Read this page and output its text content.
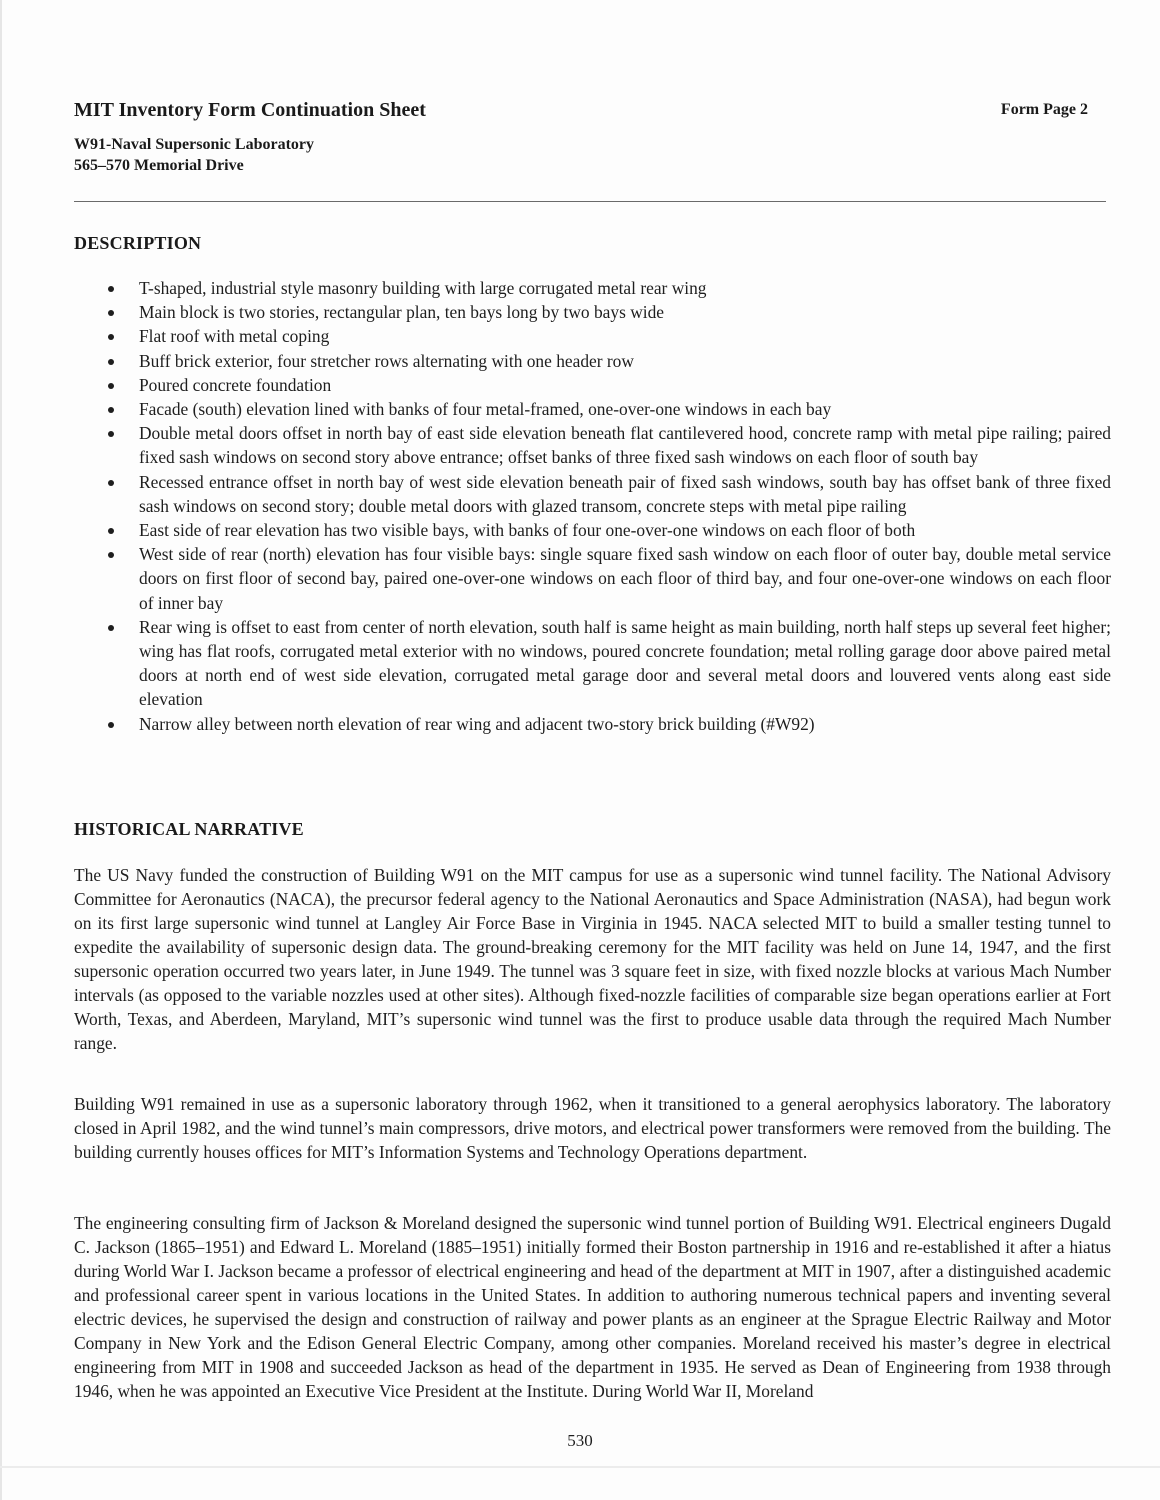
MIT Inventory Form Continuation Sheet	Form Page 2
W91-Naval Supersonic Laboratory
565–570 Memorial Drive
DESCRIPTION
T-shaped, industrial style masonry building with large corrugated metal rear wing
Main block is two stories, rectangular plan, ten bays long by two bays wide
Flat roof with metal coping
Buff brick exterior, four stretcher rows alternating with one header row
Poured concrete foundation
Facade (south) elevation lined with banks of four metal-framed, one-over-one windows in each bay
Double metal doors offset in north bay of east side elevation beneath flat cantilevered hood, concrete ramp with metal pipe railing; paired fixed sash windows on second story above entrance; offset banks of three fixed sash windows on each floor of south bay
Recessed entrance offset in north bay of west side elevation beneath pair of fixed sash windows, south bay has offset bank of three fixed sash windows on second story; double metal doors with glazed transom, concrete steps with metal pipe railing
East side of rear elevation has two visible bays, with banks of four one-over-one windows on each floor of both
West side of rear (north) elevation has four visible bays: single square fixed sash window on each floor of outer bay, double metal service doors on first floor of second bay, paired one-over-one windows on each floor of third bay, and four one-over-one windows on each floor of inner bay
Rear wing is offset to east from center of north elevation, south half is same height as main building, north half steps up several feet higher; wing has flat roofs, corrugated metal exterior with no windows, poured concrete foundation; metal rolling garage door above paired metal doors at north end of west side elevation, corrugated metal garage door and several metal doors and louvered vents along east side elevation
Narrow alley between north elevation of rear wing and adjacent two-story brick building (#W92)
HISTORICAL NARRATIVE

The US Navy funded the construction of Building W91 on the MIT campus for use as a supersonic wind tunnel facility. The National Advisory Committee for Aeronautics (NACA), the precursor federal agency to the National Aeronautics and Space Administration (NASA), had begun work on its first large supersonic wind tunnel at Langley Air Force Base in Virginia in 1945. NACA selected MIT to build a smaller testing tunnel to expedite the availability of supersonic design data. The ground-breaking ceremony for the MIT facility was held on June 14, 1947, and the first supersonic operation occurred two years later, in June 1949. The tunnel was 3 square feet in size, with fixed nozzle blocks at various Mach Number intervals (as opposed to the variable nozzles used at other sites). Although fixed-nozzle facilities of comparable size began operations earlier at Fort Worth, Texas, and Aberdeen, Maryland, MIT’s supersonic wind tunnel was the first to produce usable data through the required Mach Number range.

Building W91 remained in use as a supersonic laboratory through 1962, when it transitioned to a general aerophysics laboratory. The laboratory closed in April 1982, and the wind tunnel’s main compressors, drive motors, and electrical power transformers were removed from the building. The building currently houses offices for MIT’s Information Systems and Technology Operations department.

The engineering consulting firm of Jackson & Moreland designed the supersonic wind tunnel portion of Building W91. Electrical engineers Dugald C. Jackson (1865–1951) and Edward L. Moreland (1885–1951) initially formed their Boston partnership in 1916 and re-established it after a hiatus during World War I. Jackson became a professor of electrical engineering and head of the department at MIT in 1907, after a distinguished academic and professional career spent in various locations in the United States. In addition to authoring numerous technical papers and inventing several electric devices, he supervised the design and construction of railway and power plants as an engineer at the Sprague Electric Railway and Motor Company in New York and the Edison General Electric Company, among other companies. Moreland received his master’s degree in electrical engineering from MIT in 1908 and succeeded Jackson as head of the department in 1935. He served as Dean of Engineering from 1938 through 1946, when he was appointed an Executive Vice President at the Institute. During World War II, Moreland

530
